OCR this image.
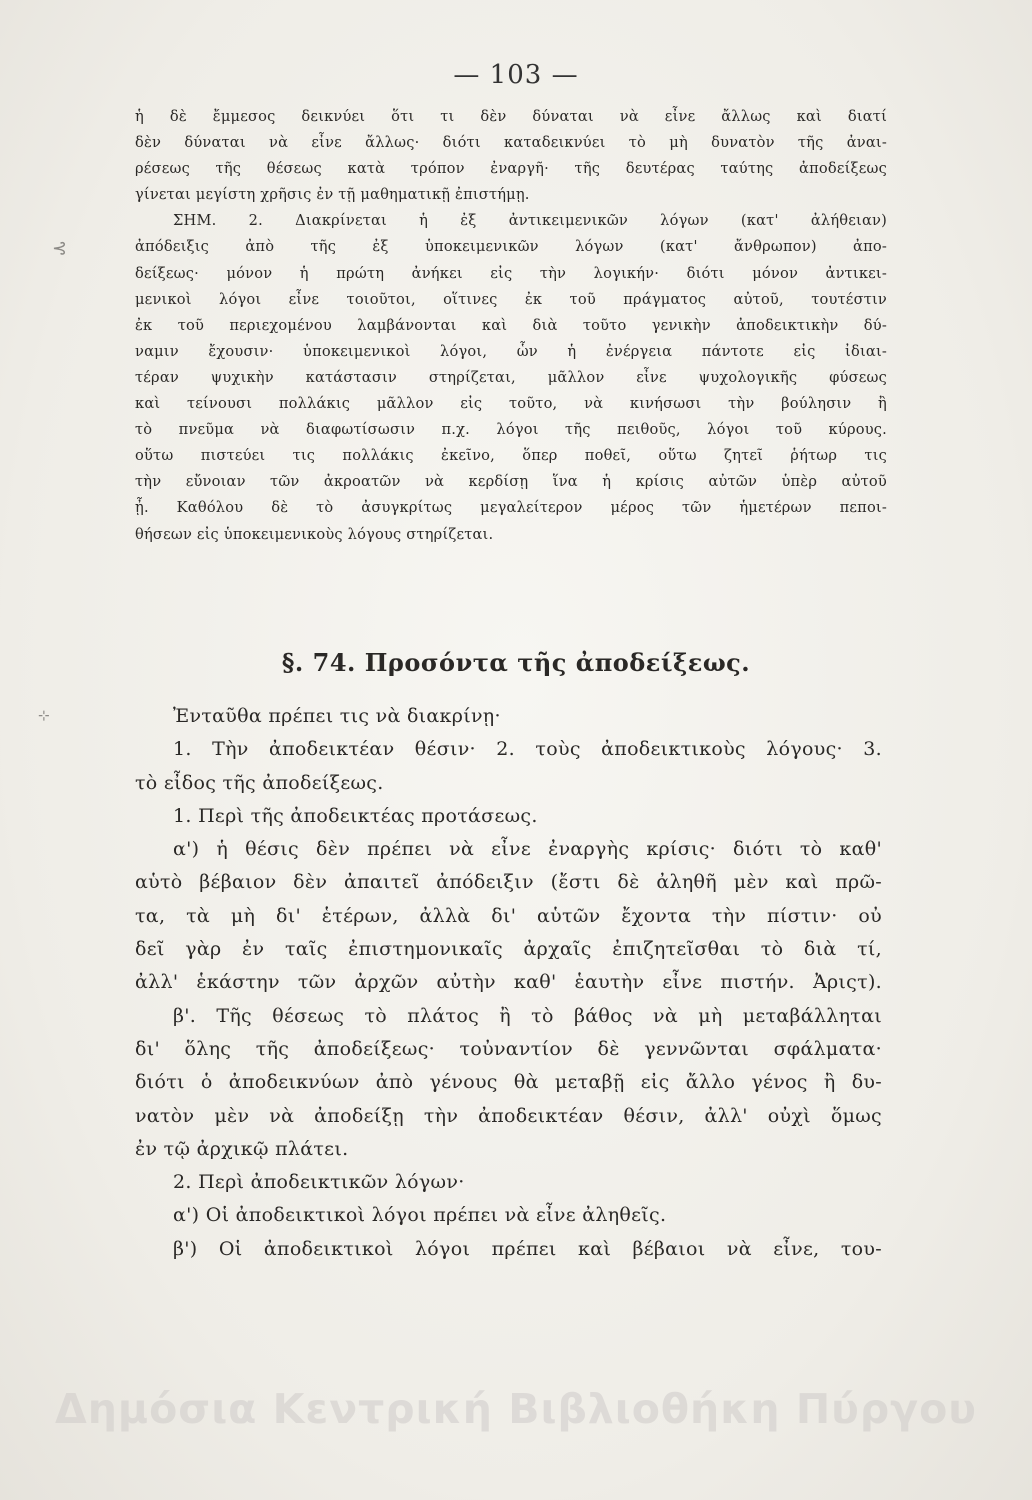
— 103 —
⊰
⊹
ἡ δὲ ἔμμεσος δεικνύει ὅτι τι δὲν δύναται νὰ εἶνε ἄλλως καὶ διατί
δὲν δύναται νὰ εἶνε ἄλλως· διότι καταδεικνύει τὸ μὴ δυνατὸν τῆς ἀναι-
ρέσεως τῆς θέσεως κατὰ τρόπον ἐναργῆ· τῆς δευτέρας ταύτης ἀποδείξεως
γίνεται μεγίστη χρῆσις ἐν τῇ μαθηματικῇ ἐπιστήμῃ.
ΣΗΜ. 2. Διακρίνεται ἡ ἐξ ἀντικειμενικῶν λόγων (κατ' ἀλήθειαν)
ἀπόδειξις ἀπὸ τῆς ἐξ ὑποκειμενικῶν λόγων (κατ' ἄνθρωπον) ἀπο-
δείξεως· μόνον ἡ πρώτη ἀνήκει εἰς τὴν λογικήν· διότι μόνον ἀντικει-
μενικοὶ λόγοι εἶνε τοιοῦτοι, οἵτινες ἐκ τοῦ πράγματος αὐτοῦ, τουτέστιν
ἐκ τοῦ περιεχομένου λαμβάνονται καὶ διὰ τοῦτο γενικὴν ἀποδεικτικὴν δύ-
ναμιν ἔχουσιν· ὑποκειμενικοὶ λόγοι, ὧν ἡ ἐνέργεια πάντοτε εἰς ἰδιαι-
τέραν ψυχικὴν κατάστασιν στηρίζεται, μᾶλλον εἶνε ψυχολογικῆς φύσεως
καὶ τείνουσι πολλάκις μᾶλλον εἰς τοῦτο, νὰ κινήσωσι τὴν βούλησιν ἢ
τὸ πνεῦμα νὰ διαφωτίσωσιν π.χ. λόγοι τῆς πειθοῦς, λόγοι τοῦ κύρους.
οὕτω πιστεύει τις πολλάκις ἐκεῖνο, ὅπερ ποθεῖ, οὕτω ζητεῖ ῥήτωρ τις
τὴν εὔνοιαν τῶν ἀκροατῶν νὰ κερδίσῃ ἵνα ἡ κρίσις αὐτῶν ὑπὲρ αὐτοῦ
ᾖ. Καθόλου δὲ τὸ ἀσυγκρίτως μεγαλείτερον μέρος τῶν ἡμετέρων πεποι-
θήσεων εἰς ὑποκειμενικοὺς λόγους στηρίζεται.
§. 74. Προσόντα τῆς ἀποδείξεως.
Ἐνταῦθα πρέπει τις νὰ διακρίνῃ·
1. Τὴν ἀποδεικτέαν θέσιν· 2. τοὺς ἀποδεικτικοὺς λόγους· 3.
τὸ εἶδος τῆς ἀποδείξεως.
1. Περὶ τῆς ἀποδεικτέας προτάσεως.
α') ἡ θέσις δὲν πρέπει νὰ εἶνε ἐναργὴς κρίσις· διότι τὸ καθ'
αὑτὸ βέβαιον δὲν ἀπαιτεῖ ἀπόδειξιν (ἔστι δὲ ἀληθῆ μὲν καὶ πρῶ-
τα, τὰ μὴ δι' ἑτέρων, ἀλλὰ δι' αὑτῶν ἔχοντα τὴν πίστιν· οὐ
δεῖ γὰρ ἐν ταῖς ἐπιστημονικαῖς ἀρχαῖς ἐπιζητεῖσθαι τὸ διὰ τί,
ἀλλ' ἑκάστην τῶν ἀρχῶν αὐτὴν καθ' ἑαυτὴν εἶνε πιστήν. Ἀριςτ).
β'. Τῆς θέσεως τὸ πλάτος ἢ τὸ βάθος νὰ μὴ μεταβάλληται
δι' ὅλης τῆς ἀποδείξεως· τοὐναντίον δὲ γεννῶνται σφάλματα·
διότι ὁ ἀποδεικνύων ἀπὸ γένους θὰ μεταβῇ εἰς ἄλλο γένος ἢ δυ-
νατὸν μὲν νὰ ἀποδείξῃ τὴν ἀποδεικτέαν θέσιν, ἀλλ' οὐχὶ ὅμως
ἐν τῷ ἀρχικῷ πλάτει.
2. Περὶ ἀποδεικτικῶν λόγων·
α') Οἱ ἀποδεικτικοὶ λόγοι πρέπει νὰ εἶνε ἀληθεῖς.
β') Οἱ ἀποδεικτικοὶ λόγοι πρέπει καὶ βέβαιοι νὰ εἶνε, του-
Δημόσια Κεντρική Βιβλιοθήκη Πύργου
